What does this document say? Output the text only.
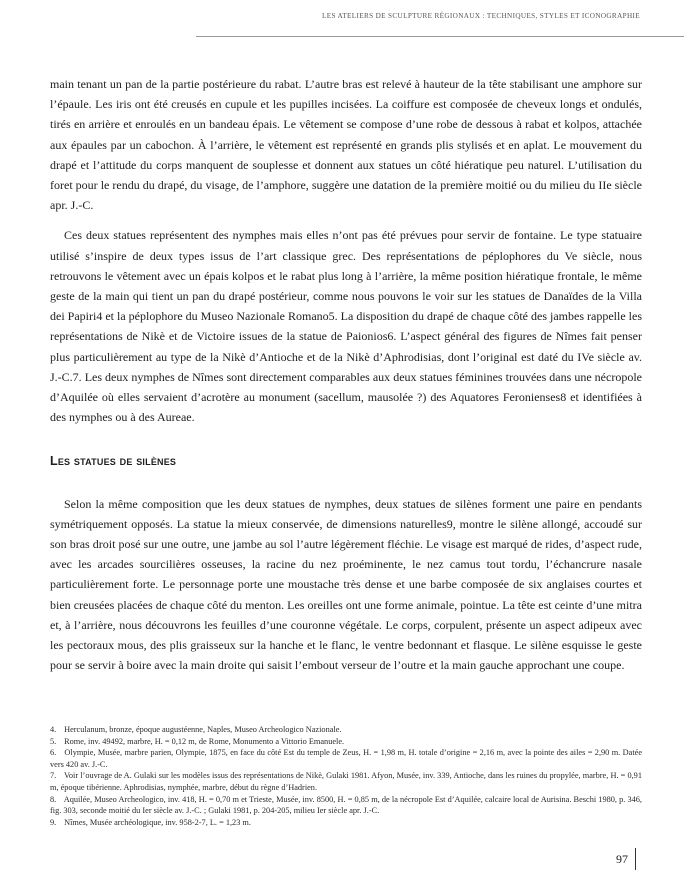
LES ATELIERS DE SCULPTURE RÉGIONAUX : TECHNIQUES, STYLES ET ICONOGRAPHIE

main tenant un pan de la partie postérieure du rabat. L’autre bras est relevé à hauteur de la tête stabilisant une amphore sur l’épaule. Les iris ont été creusés en cupule et les pupilles incisées. La coiffure est composée de cheveux longs et ondulés, tirés en arrière et enroulés en un bandeau épais. Le vêtement se compose d’une robe de dessous à rabat et kolpos, attachée aux épaules par un cabochon. À l’arrière, le vêtement est représenté en grands plis stylisés et en aplat. Le mouvement du drapé et l’attitude du corps manquent de souplesse et donnent aux statues un côté hiératique peu naturel. L’utilisation du foret pour le rendu du drapé, du visage, de l’amphore, suggère une datation de la première moitié ou du milieu du IIe siècle apr. J.-C.

Ces deux statues représentent des nymphes mais elles n’ont pas été prévues pour servir de fontaine. Le type statuaire utilisé s’inspire de deux types issus de l’art classique grec. Des représentations de péplophores du Ve siècle, nous retrouvons le vêtement avec un épais kolpos et le rabat plus long à l’arrière, la même position hiératique frontale, le même geste de la main qui tient un pan du drapé postérieur, comme nous pouvons le voir sur les statues de Danaïdes de la Villa dei Papiri4 et la péplophore du Museo Nazionale Romano5. La disposition du drapé de chaque côté des jambes rappelle les représentations de Nikè et de Victoire issues de la statue de Paionios6. L’aspect général des figures de Nîmes fait penser plus particulièrement au type de la Nikè d’Antioche et de la Nikè d’Aphrodisias, dont l’original est daté du IVe siècle av. J.-C.7. Les deux nymphes de Nîmes sont directement comparables aux deux statues féminines trouvées dans une nécropole d’Aquilée où elles servaient d’acrotère au monument (sacellum, mausolée ?) des Aquatores Feronienses8 et identifiées à des nymphes ou à des Aureae.

Les statues de silènes

Selon la même composition que les deux statues de nymphes, deux statues de silènes forment une paire en pendants symétriquement opposés. La statue la mieux conservée, de dimensions naturelles9, montre le silène allongé, accoudé sur son bras droit posé sur une outre, une jambe au sol l’autre légèrement fléchie. Le visage est marqué de rides, d’aspect rude, avec les arcades sourcilières osseuses, la racine du nez proéminente, le nez camus tout tordu, l’échancrure nasale particulièrement forte. Le personnage porte une moustache très dense et une barbe composée de six anglaises courtes et bien creusées placées de chaque côté du menton. Les oreilles ont une forme animale, pointue. La tête est ceinte d’une mitra et, à l’arrière, nous découvrons les feuilles d’une couronne végétale. Le corps, corpulent, présente un aspect adipeux avec les pectoraux mous, des plis graisseux sur la hanche et le flanc, le ventre bedonnant et flasque. Le silène esquisse le geste pour se servir à boire avec la main droite qui saisit l’embout verseur de l’outre et la main gauche approchant une coupe.

4. Herculanum, bronze, époque augustéenne, Naples, Museo Archeologico Nazionale.

5. Rome, inv. 49492, marbre, H. = 0,12 m, de Rome, Monumento a Vittorio Emanuele.

6. Olympie, Musée, marbre parien, Olympie, 1875, en face du côté Est du temple de Zeus, H. = 1,98 m, H. totale d’origine = 2,16 m, avec la pointe des ailes = 2,90 m. Datée vers 420 av. J.-C.

7. Voir l’ouvrage de A. Gulaki sur les modèles issus des représentations de Nikè, Gulaki 1981. Afyon, Musée, inv. 339, Antioche, dans les ruines du propylée, marbre, H. = 0,91 m, époque tibérienne. Aphrodisias, nymphée, marbre, début du règne d’Hadrien.

8. Aquilée, Museo Archeologico, inv. 418, H. = 0,70 m et Trieste, Musée, inv. 8500, H. = 0,85 m, de la nécropole Est d’Aquilée, calcaire local de Aurisina. Beschi 1980, p. 346, fig. 303, seconde moitié du Ier siècle av. J.-C. ; Gulaki 1981, p. 204-205, milieu Ier siècle apr. J.-C.

9. Nîmes, Musée archéologique, inv. 958-2-7, L. = 1,23 m.

97
